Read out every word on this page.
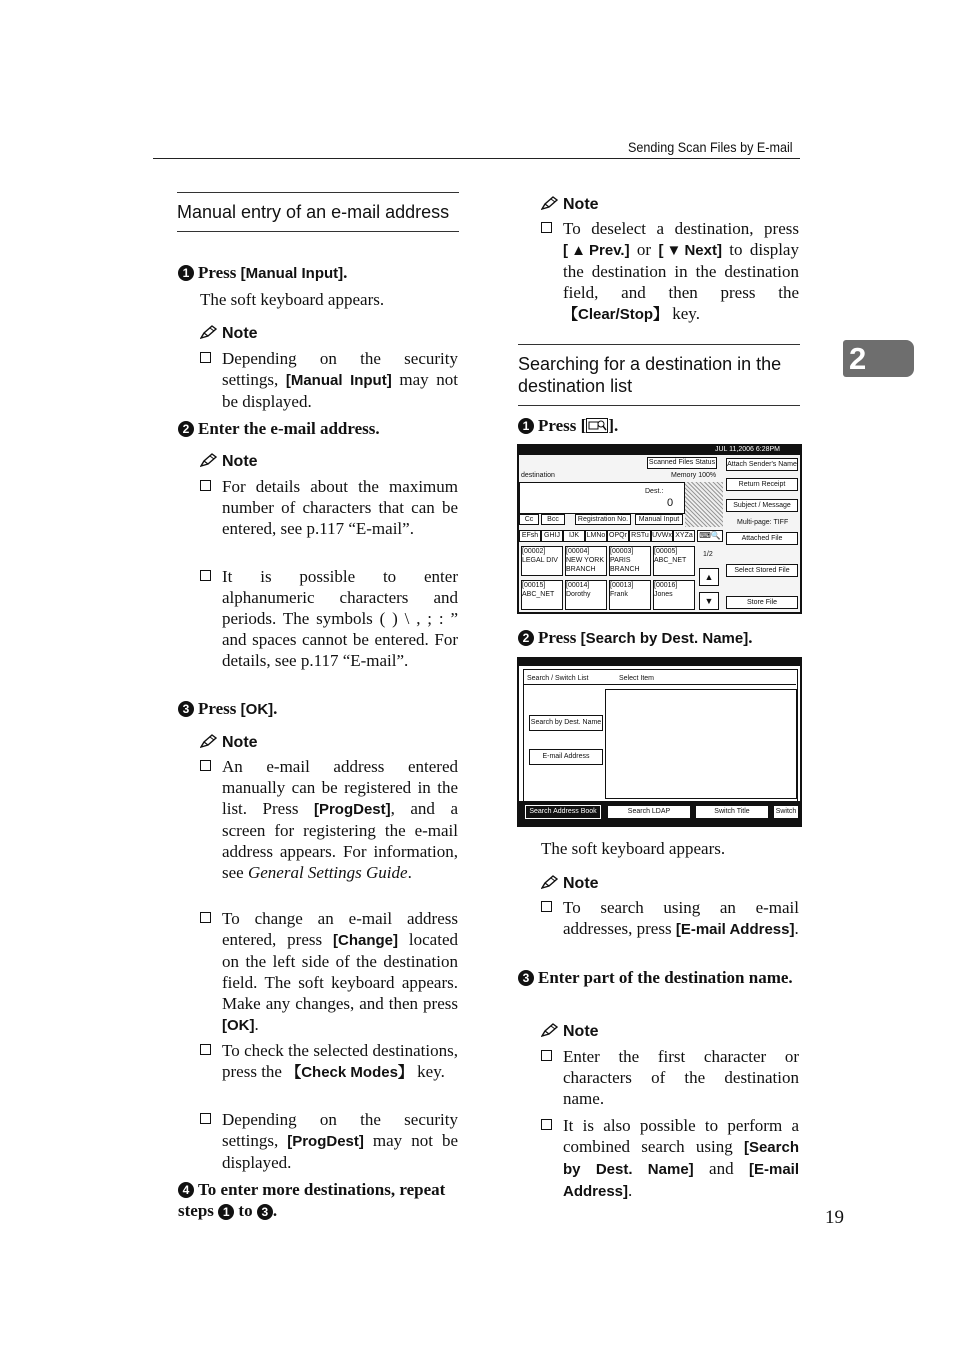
Sending Scan Files by E-mail
2
19
Manual entry of an e-mail address
1 Press [Manual Input].
The soft keyboard appears.
Note
Depending on the security settings, [Manual Input] may not be displayed.
2 Enter the e-mail address.
Note
For details about the maximum number of characters that can be entered, see p.117 “E-mail”.
It is possible to enter alphanumeric characters and periods. The symbols ( ) \ , ; : ” and spaces cannot be entered. For details, see p.117 “E-mail”.
3 Press [OK].
Note
An e-mail address entered manually can be registered in the list. Press [ProgDest], and a screen for registering the e-mail address appears. For information, see General Settings Guide.
To change an e-mail address entered, press [Change] located on the left side of the destination field. The soft keyboard appears. Make any changes, and then press [OK].
To check the selected destinations, press the 【Check Modes】 key.
Depending on the security settings, [ProgDest] may not be displayed.
4 To enter more destinations, repeat steps 1 to 3 .
Note
To deselect a destination, press [▲Prev.] or [▼Next] to display the destination in the destination field, and then press the 【Clear/Stop】 key.
Searching for a destination in the destination list
1 Press [ ].
JUL 11,2006 6:28PM
destination
Scanned Files Status
Memory 100%
Dest.:
0
Cc	Bcc	Registration No.	Manual Input
EFsh GHIJ	IJK	LMNo OPQr RSTu UVWx XYZa ⌨🔍
[00002]
LEGAL DIV
[00004]
NEW YORK BRANCH
[00003]
PARIS BRANCH
[00005]
ABC_NET
[00015]
ABC_NET
[00014]
Dorothy
[00013]
Frank
[00016]
Jones
1/2
▲
▼
Attach Sender's Name
Return Receipt
Subject / Message
Multi-page: TIFF
Attached File
Select Stored File
Store File
2 Press [Search by Dest. Name].
Search / Switch List	Select Item
Search by Dest. Name
E-mail Address
Search Address Book	Search LDAP	Switch Title	Switch
The soft keyboard appears.
Note
To search using an e-mail addresses, press [E-mail Address].
3 Enter part of the destination name.
Note
Enter the first character or characters of the destination name.
It is also possible to perform a combined search using [Search by Dest. Name] and [E-mail Address].
